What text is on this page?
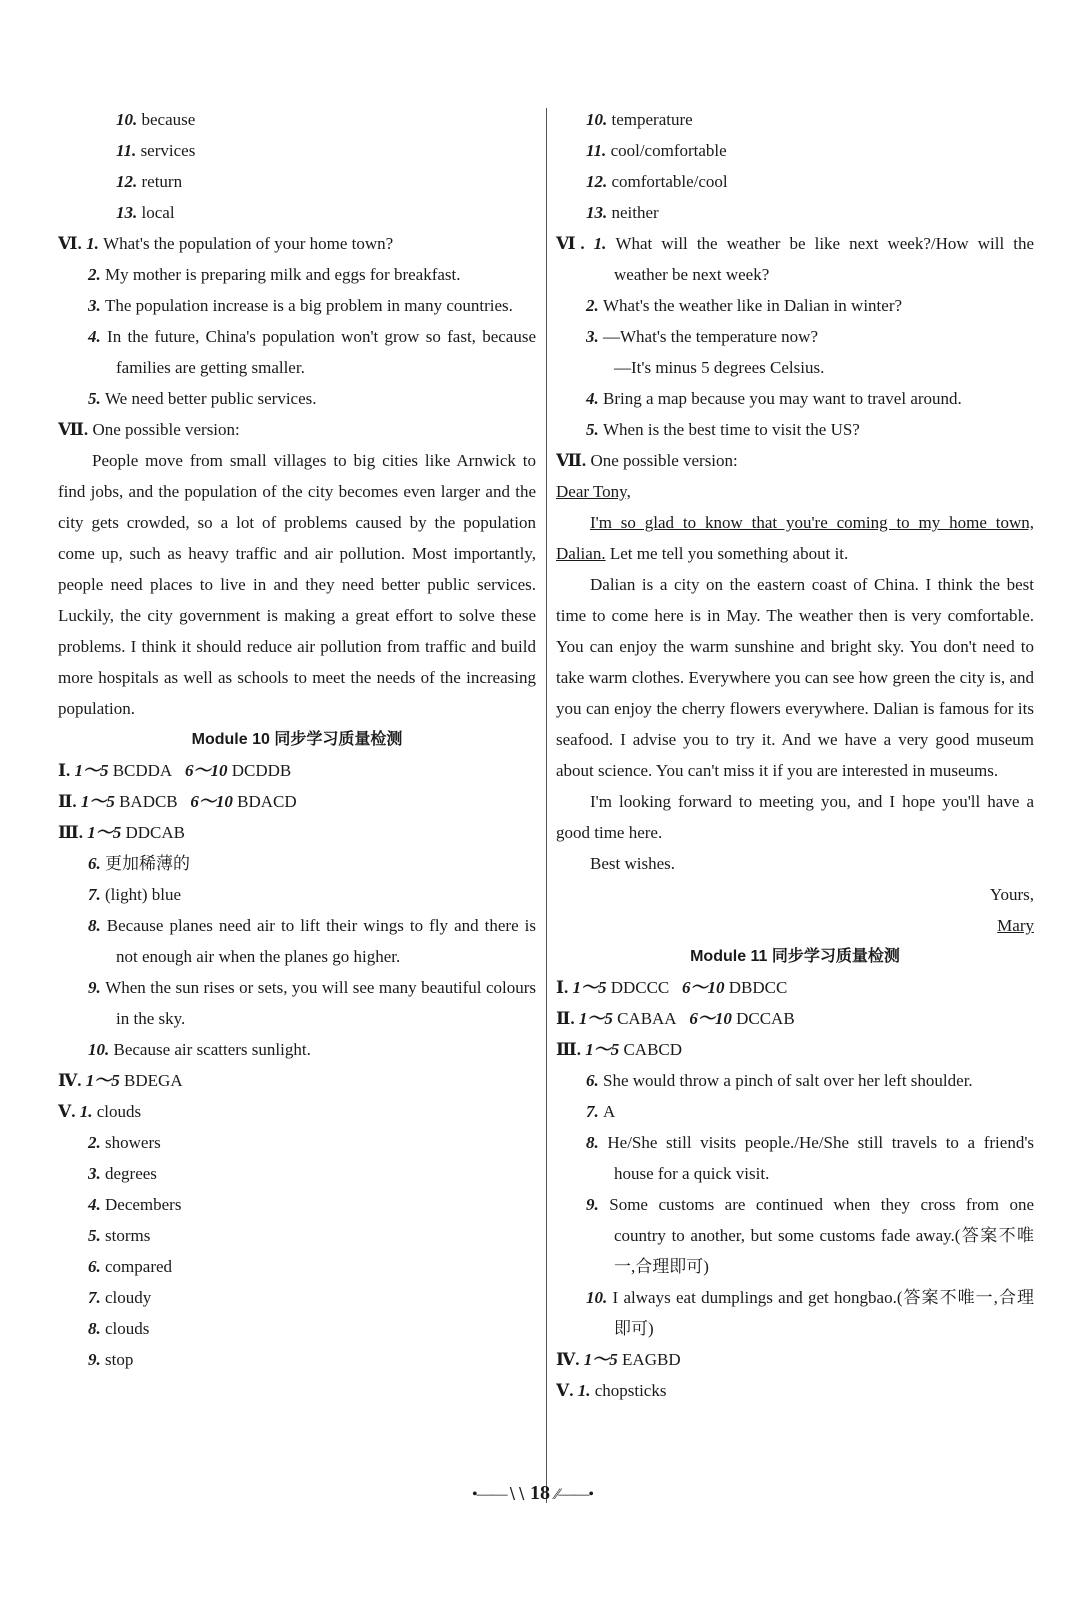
10. because
11. services
12. return
13. local
Ⅵ. 1. What's the population of your home town?
2. My mother is preparing milk and eggs for breakfast.
3. The population increase is a big problem in many countries.
4. In the future, China's population won't grow so fast, because families are getting smaller.
5. We need better public services.
Ⅶ. One possible version:
People move from small villages to big cities like Arnwick to find jobs, and the population of the city becomes even larger and the city gets crowded, so a lot of problems caused by the population come up, such as heavy traffic and air pollution. Most importantly, people need places to live in and they need better public services. Luckily, the city government is making a great effort to solve these problems. I think it should reduce air pollution from traffic and build more hospitals as well as schools to meet the needs of the increasing population.
Module 10 同步学习质量检测
Ⅰ. 1～5 BCDDA 6～10 DCDDB
Ⅱ. 1～5 BADCB 6～10 BDACD
Ⅲ. 1～5 DDCAB
6. 更加稀薄的
7. (light) blue
8. Because planes need air to lift their wings to fly and there is not enough air when the planes go higher.
9. When the sun rises or sets, you will see many beautiful colours in the sky.
10. Because air scatters sunlight.
Ⅳ. 1～5 BDEGA
Ⅴ. 1. clouds
2. showers
3. degrees
4. Decembers
5. storms
6. compared
7. cloudy
8. clouds
9. stop
10. temperature
11. cool/comfortable
12. comfortable/cool
13. neither
Ⅵ. 1. What will the weather be like next week?/How will the weather be next week?
2. What's the weather like in Dalian in winter?
3. —What's the temperature now?
—It's minus 5 degrees Celsius.
4. Bring a map because you may want to travel around.
5. When is the best time to visit the US?
Ⅶ. One possible version:
Dear Tony,
I'm so glad to know that you're coming to my home town, Dalian. Let me tell you something about it.
Dalian is a city on the eastern coast of China. I think the best time to come here is in May. The weather then is very comfortable. You can enjoy the warm sunshine and bright sky. You don't need to take warm clothes. Everywhere you can see how green the city is, and you can enjoy the cherry flowers everywhere. Dalian is famous for its seafood. I advise you to try it. And we have a very good museum about science. You can't miss it if you are interested in museums.
I'm looking forward to meeting you, and I hope you'll have a good time here.
Best wishes.
Yours,
Mary
Module 11 同步学习质量检测
Ⅰ. 1～5 DDCCC 6～10 DBDCC
Ⅱ. 1～5 CABAA 6～10 DCCAB
Ⅲ. 1～5 CABCD
6. She would throw a pinch of salt over her left shoulder.
7. A
8. He/She still visits people./He/She still travels to a friend's house for a quick visit.
9. Some customs are continued when they cross from one country to another, but some customs fade away.(答案不唯一,合理即可)
10. I always eat dumplings and get hongbao.(答案不唯一,合理即可)
Ⅳ. 1～5 EAGBD
Ⅴ. 1. chopsticks
•——∖∖ 18 ∕∕——•
